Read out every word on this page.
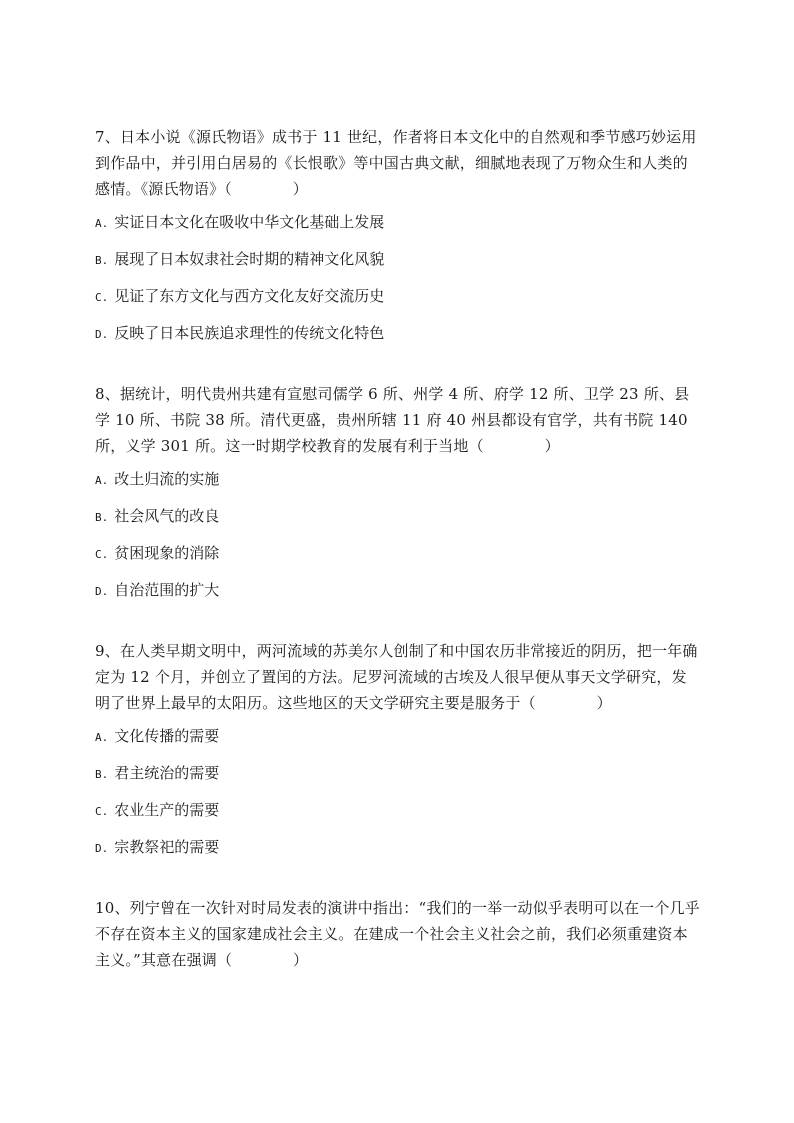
7、日本小说《源氏物语》成书于 11 世纪，作者将日本文化中的自然观和季节感巧妙运用到作品中，并引用白居易的《长恨歌》等中国古典文献，细腻地表现了万物众生和人类的感情。《源氏物语》（　　　　）

A. 实证日本文化在吸收中华文化基础上发展
B. 展现了日本奴隶社会时期的精神文化风貌
C. 见证了东方文化与西方文化友好交流历史
D. 反映了日本民族追求理性的传统文化特色

8、据统计，明代贵州共建有宣慰司儒学 6 所、州学 4 所、府学 12 所、卫学 23 所、县学 10 所、书院 38 所。清代更盛，贵州所辖 11 府 40 州县都设有官学，共有书院 140 所，义学 301 所。这一时期学校教育的发展有利于当地（　　　　）

A. 改土归流的实施
B. 社会风气的改良
C. 贫困现象的消除
D. 自治范围的扩大

9、在人类早期文明中，两河流域的苏美尔人创制了和中国农历非常接近的阴历，把一年确定为 12 个月，并创立了置闰的方法。尼罗河流域的古埃及人很早便从事天文学研究，发明了世界上最早的太阳历。这些地区的天文学研究主要是服务于（　　　　）

A. 文化传播的需要
B. 君主统治的需要
C. 农业生产的需要
D. 宗教祭祀的需要

10、列宁曾在一次针对时局发表的演讲中指出：“我们的一举一动似乎表明可以在一个几乎不存在资本主义的国家建成社会主义。在建成一个社会主义社会之前，我们必须重建资本主义。”其意在强调（　　　　）
